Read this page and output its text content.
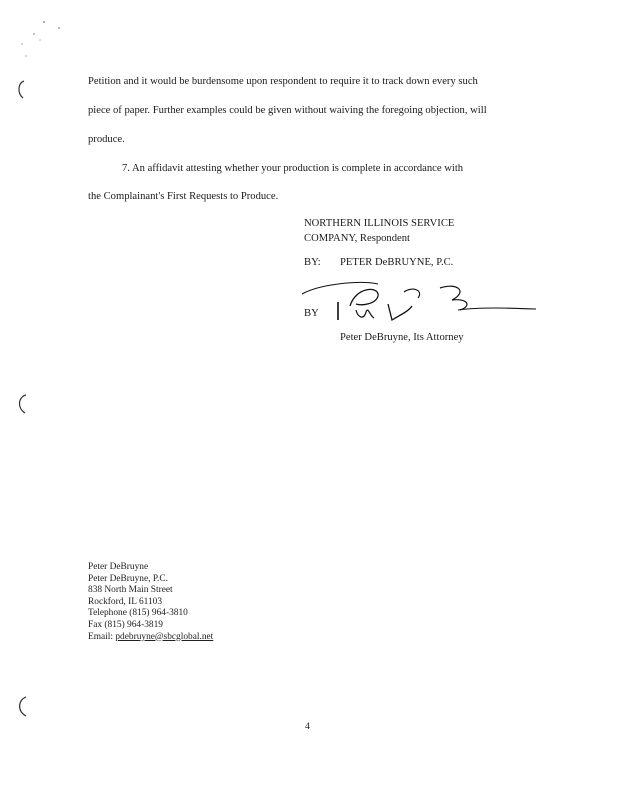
Petition and it would be burdensome upon respondent to require it to track down every such
piece of paper. Further examples could be given without waiving the foregoing objection, will
produce.
7. An affidavit attesting whether your production is complete in accordance with
the Complainant's First Requests to Produce.
NORTHERN ILLINOIS SERVICE
COMPANY, Respondent
BY: PETER DeBRUYNE, P.C.
BY
Peter DeBruyne, Its Attorney
Peter DeBruyne
Peter DeBruyne, P.C.
838 North Main Street
Rockford, IL 61103
Telephone (815) 964-3810
Fax (815) 964-3819
Email: pdebruyne@sbcglobal.net
4
